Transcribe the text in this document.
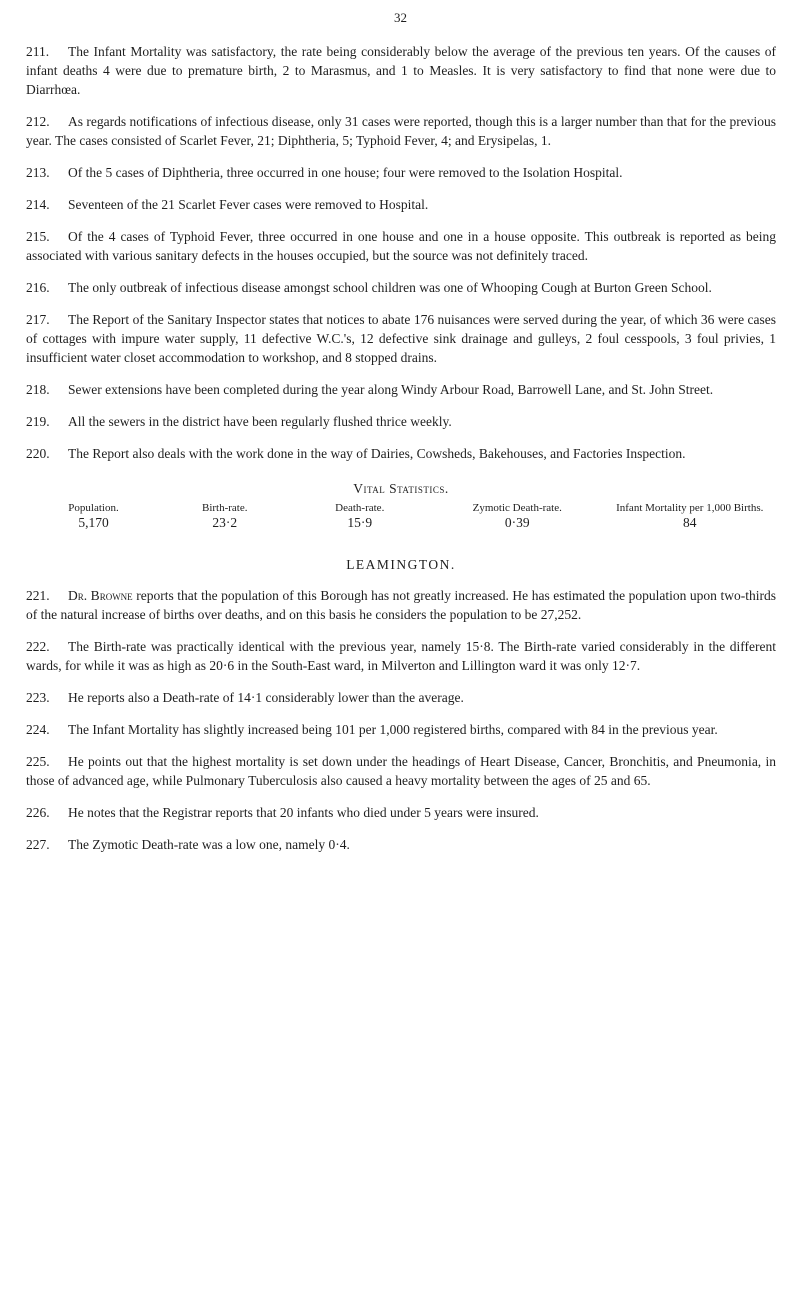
32

211. The Infant Mortality was satisfactory, the rate being considerably below the average of the previous ten years. Of the causes of infant deaths 4 were due to premature birth, 2 to Marasmus, and 1 to Measles. It is very satisfactory to find that none were due to Diarrhœa.

212. As regards notifications of infectious disease, only 31 cases were reported, though this is a larger number than that for the previous year. The cases consisted of Scarlet Fever, 21; Diphtheria, 5; Typhoid Fever, 4; and Erysipelas, 1.

213. Of the 5 cases of Diphtheria, three occurred in one house; four were removed to the Isolation Hospital.

214. Seventeen of the 21 Scarlet Fever cases were removed to Hospital.

215. Of the 4 cases of Typhoid Fever, three occurred in one house and one in a house opposite. This outbreak is reported as being associated with various sanitary defects in the houses occupied, but the source was not definitely traced.

216. The only outbreak of infectious disease amongst school children was one of Whooping Cough at Burton Green School.

217. The Report of the Sanitary Inspector states that notices to abate 176 nuisances were served during the year, of which 36 were cases of cottages with impure water supply, 11 defective W.C.'s, 12 defective sink drainage and gulleys, 2 foul cesspools, 3 foul privies, 1 insufficient water closet accommodation to workshop, and 8 stopped drains.

218. Sewer extensions have been completed during the year along Windy Arbour Road, Barrowell Lane, and St. John Street.

219. All the sewers in the district have been regularly flushed thrice weekly.

220. The Report also deals with the work done in the way of Dairies, Cowsheds, Bakehouses, and Factories Inspection.

Vital Statistics.
Population.	Birth-rate.	Death-rate.	Zymotic Death-rate.	Infant Mortality per 1,000 Births.
5,170	23·2	15·9	0·39	84
LEAMINGTON.

221. Dr. Browne reports that the population of this Borough has not greatly increased. He has estimated the population upon two-thirds of the natural increase of births over deaths, and on this basis he considers the population to be 27,252.

222. The Birth-rate was practically identical with the previous year, namely 15·8. The Birth-rate varied considerably in the different wards, for while it was as high as 20·6 in the South-East ward, in Milverton and Lillington ward it was only 12·7.

223. He reports also a Death-rate of 14·1 considerably lower than the average.

224. The Infant Mortality has slightly increased being 101 per 1,000 registered births, compared with 84 in the previous year.

225. He points out that the highest mortality is set down under the headings of Heart Disease, Cancer, Bronchitis, and Pneumonia, in those of advanced age, while Pulmonary Tuberculosis also caused a heavy mortality between the ages of 25 and 65.

226. He notes that the Registrar reports that 20 infants who died under 5 years were insured.

227. The Zymotic Death-rate was a low one, namely 0·4.
